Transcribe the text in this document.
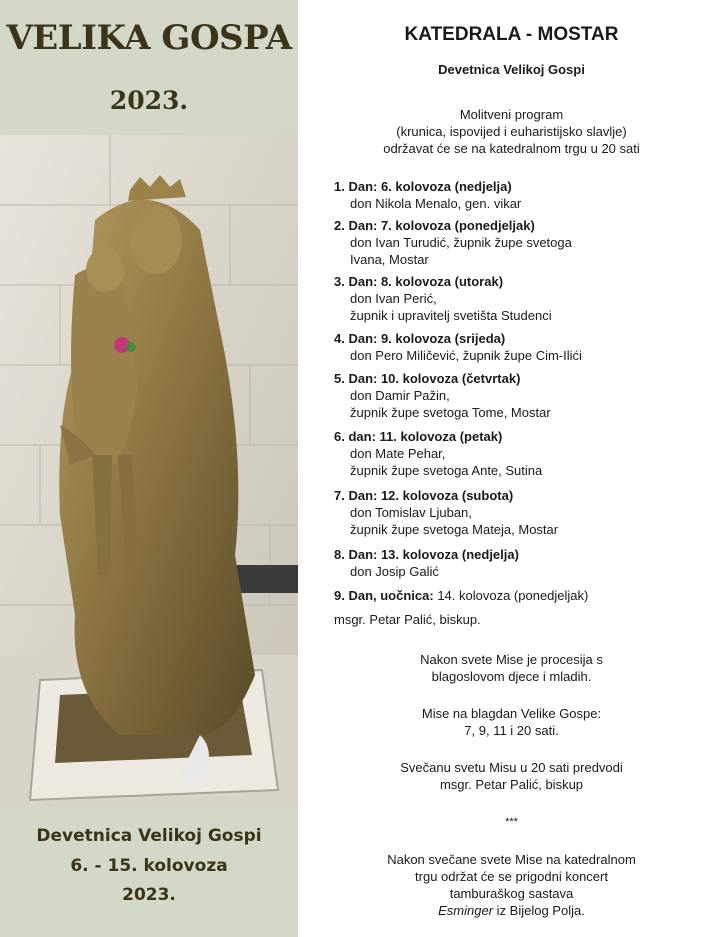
VELIKA GOSPA
2023.
Devetnica Velikoj Gospi
6. - 15. kolovoza
2023.
KATEDRALA - MOSTAR
Devetnica Velikoj Gospi
Molitveni program
(krunica, ispovijed i euharistijsko slavlje)
održavat će se na katedralnom trgu u 20 sati
1. Dan: 6. kolovoza (nedjelja)
don Nikola Menalo, gen. vikar
2. Dan: 7. kolovoza (ponedjeljak)
don Ivan Turudić, župnik župe svetoga
Ivana, Mostar
3. Dan: 8. kolovoza (utorak)
don Ivan Perić,
župnik i upravitelj svetišta Studenci
4. Dan: 9. kolovoza (srijeda)
don Pero Miličević, župnik župe Cim-Ilići
5. Dan: 10. kolovoza (četvrtak)
don Damir Pažin,
župnik župe svetoga Tome, Mostar
6. dan: 11. kolovoza (petak)
don Mate Pehar,
župnik župe svetoga Ante, Sutina
7. Dan: 12. kolovoza (subota)
don Tomislav Ljuban,
župnik župe svetoga Mateja, Mostar
8. Dan: 13. kolovoza (nedjelja)
don Josip Galić
9. Dan, uočnica: 14. kolovoza (ponedjeljak)
msgr. Petar Palić, biskup.
Nakon svete Mise je procesija s
blagoslovom djece i mladih.
Mise na blagdan Velike Gospe:
7, 9, 11 i 20 sati.
Svečanu svetu Misu u 20 sati predvodi
msgr. Petar Palić, biskup
***
Nakon svečane svete Mise na katedralnom
trgu održat će se prigodni koncert
tamburaškog sastava
Esminger iz Bijelog Polja.
